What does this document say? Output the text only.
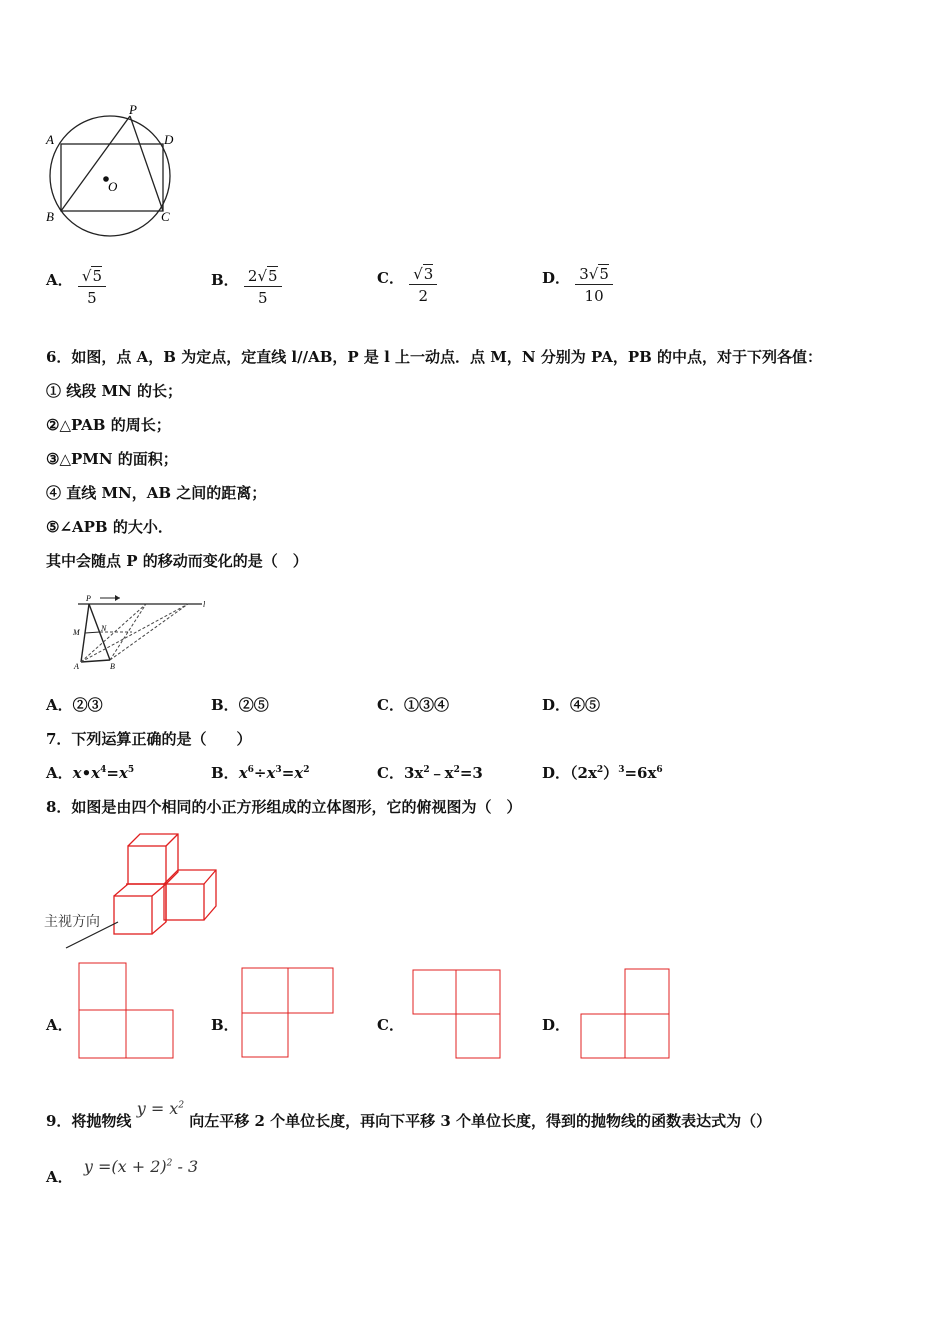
P
A	D
O
B	C
A． $\frac{√5}{5}$	B． $\frac{2√5}{5}$	C． $\frac{√3}{2}$	D． $\frac{3√5}{10}$
6．如图，点 A，B 为定点，定直线 l//AB，P 是 l 上一动点．点 M，N 分别为 PA，PB 的中点，对于下列各值：
① 线段 MN 的长；
②△PAB 的周长；
③△PMN 的面积；
④ 直线 MN，AB 之间的距离；
⑤∠APB 的大小．
其中会随点 P 的移动而变化的是（　）
P
l
M	N
A	B
A．②③	B．②⑤	C．①③④	D．④⑤
7．下列运算正确的是（　　）
A．$x•x^4=x^5$	B．$x^6\div x^3=x^2$	C．$3x^2﹣x^2=3$	D．$(2x^2)^3=6x^6$
8．如图是由四个相同的小正方形组成的立体图形，它的俯视图为（　）
主视方向
A．	B．	C．	D．
9．将抛物线 $y = x^2$ 向左平移 2 个单位长度，再向下平移 3 个单位长度，得到的抛物线的函数表达式为（）
A． $y =(x + 2)^2 - 3$
